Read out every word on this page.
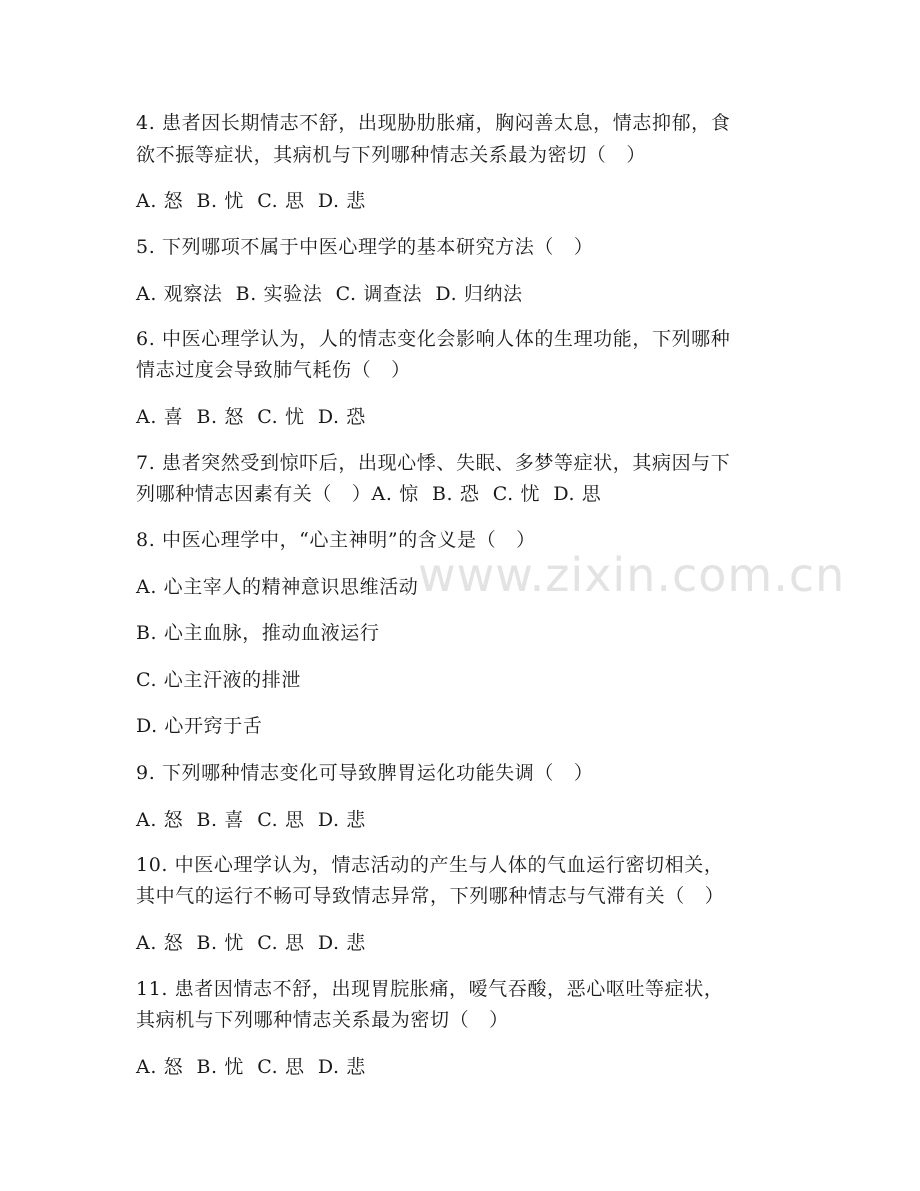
www.zixin.com.cn
4. 患者因长期情志不舒，出现胁肋胀痛，胸闷善太息，情志抑郁，食
欲不振等症状，其病机与下列哪种情志关系最为密切（   ）
A. 怒  B. 忧  C. 思  D. 悲
5. 下列哪项不属于中医心理学的基本研究方法（   ）
A. 观察法  B. 实验法  C. 调查法  D. 归纳法
6. 中医心理学认为，人的情志变化会影响人体的生理功能，下列哪种
情志过度会导致肺气耗伤（   ）
A. 喜  B. 怒  C. 忧  D. 恐
7. 患者突然受到惊吓后，出现心悸、失眠、多梦等症状，其病因与下
列哪种情志因素有关（   ）A. 惊  B. 恐  C. 忧  D. 思
8. 中医心理学中，“心主神明”的含义是（   ）
A. 心主宰人的精神意识思维活动
B. 心主血脉，推动血液运行
C. 心主汗液的排泄
D. 心开窍于舌
9. 下列哪种情志变化可导致脾胃运化功能失调（   ）
A. 怒  B. 喜  C. 思  D. 悲
10. 中医心理学认为，情志活动的产生与人体的气血运行密切相关，
其中气的运行不畅可导致情志异常，下列哪种情志与气滞有关（   ）
A. 怒  B. 忧  C. 思  D. 悲
11. 患者因情志不舒，出现胃脘胀痛，嗳气吞酸，恶心呕吐等症状，
其病机与下列哪种情志关系最为密切（   ）
A. 怒  B. 忧  C. 思  D. 悲
